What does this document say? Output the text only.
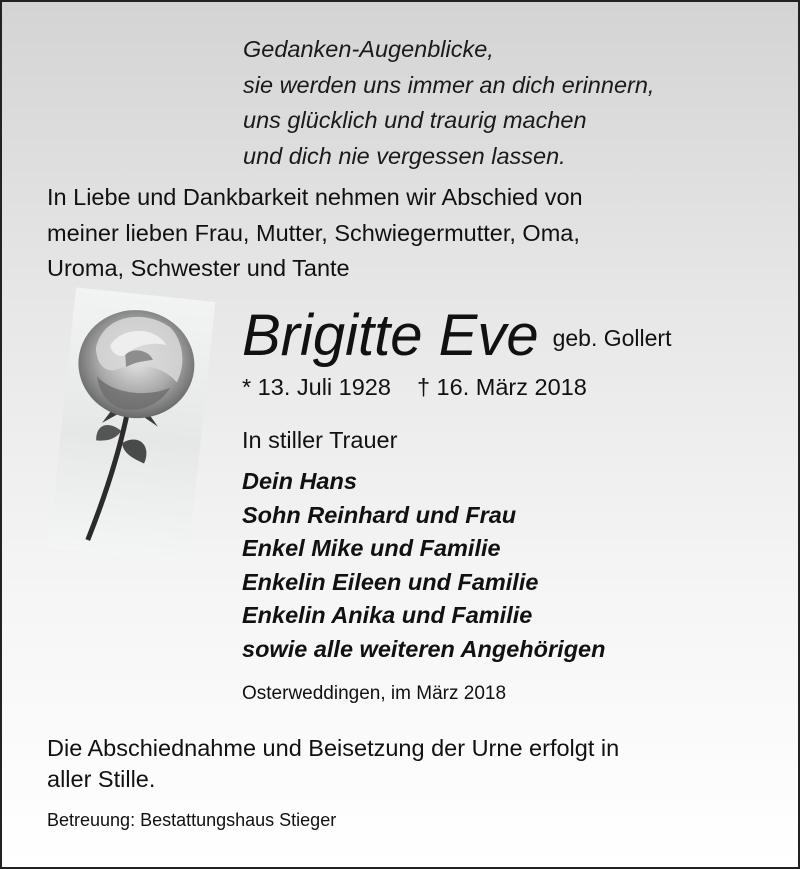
Gedanken-Augenblicke,
sie werden uns immer an dich erinnern,
uns glücklich und traurig machen
und dich nie vergessen lassen.
In Liebe und Dankbarkeit nehmen wir Abschied von
meiner lieben Frau, Mutter, Schwiegermutter, Oma,
Uroma, Schwester und Tante
Brigitte Eve geb. Gollert
* 13. Juli 1928 † 16. März 2018
In stiller Trauer
Dein Hans
Sohn Reinhard und Frau
Enkel Mike und Familie
Enkelin Eileen und Familie
Enkelin Anika und Familie
sowie alle weiteren Angehörigen
Osterweddingen, im März 2018
Die Abschiednahme und Beisetzung der Urne erfolgt in
aller Stille.
Betreuung: Bestattungshaus Stieger
